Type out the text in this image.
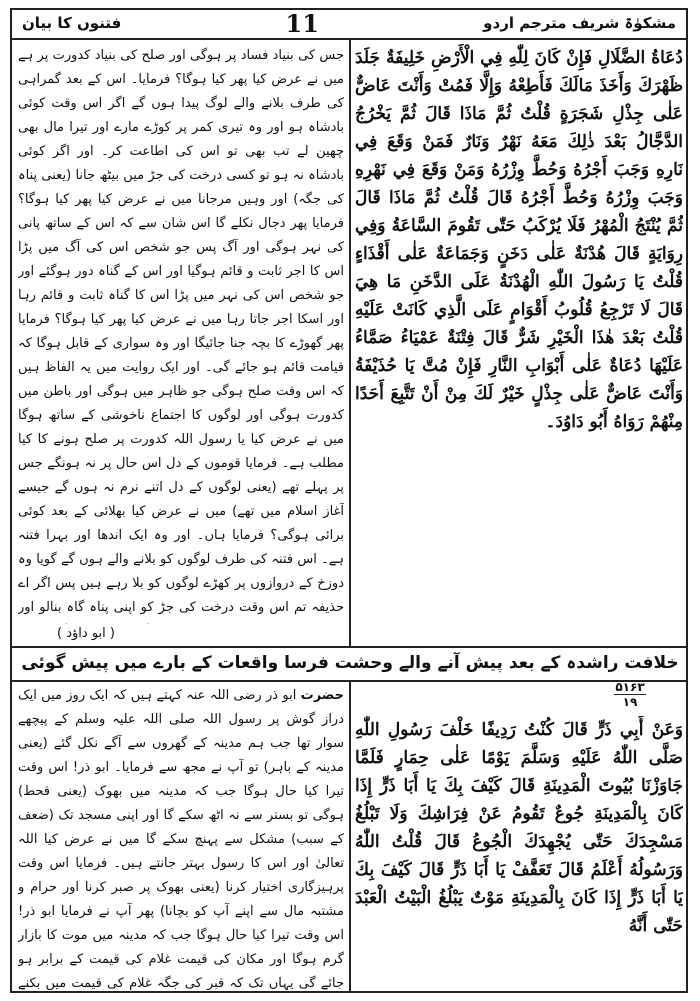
مشکوٰۃ شریف مترجم اردو
11
فتنوں کا بیان
دُعَاةُ الضَّلَالِ فَإِنْ كَانَ لِلّٰهِ فِي الْأَرْضِ خَلِيفَةٌ جَلَدَ ظَهْرَكَ وَأَخَذَ مَالَكَ فَأَطِعْهُ وَإِلَّا فَمُتْ وَأَنْتَ عَاضٌّ عَلٰى جِذْلِ شَجَرَةٍ قُلْتُ ثُمَّ مَاذَا قَالَ ثُمَّ يَخْرُجُ الدَّجَّالُ بَعْدَ ذٰلِكَ مَعَهُ نَهْرٌ وَنَارٌ فَمَنْ وَقَعَ فِي نَارِهِ وَجَبَ أَجْرُهُ وَحُطَّ وِزْرُهُ وَمَنْ وَقَعَ فِي نَهْرِهِ وَجَبَ وِزْرُهُ وَحُطَّ أَجْرُهُ قَالَ قُلْتُ ثُمَّ مَاذَا قَالَ ثُمَّ يُنْتَجُ الْمُهْرُ فَلَا يُرْكَبُ حَتّٰى تَقُومَ السَّاعَةُ وَفِي رِوَايَةٍ قَالَ هُدْنَةٌ عَلٰى دَخَنٍ وَجَمَاعَةٌ عَلٰى أَقْذَاءٍ قُلْتُ يَا رَسُولَ اللّٰهِ الْهُدْنَةُ عَلَى الدَّخَنِ مَا هِيَ قَالَ لَا تَرْجِعُ قُلُوبُ أَقْوَامٍ عَلَى الَّذِي كَانَتْ عَلَيْهِ قُلْتُ بَعْدَ هٰذَا الْخَيْرِ شَرٌّ قَالَ فِتْنَةٌ عَمْيَاءُ صَمَّاءُ عَلَيْهَا دُعَاةٌ عَلٰى أَبْوَابِ النَّارِ فَإِنْ مُتَّ يَا حُذَيْفَةُ وَأَنْتَ عَاضٌّ عَلٰى جِذْلٍ خَيْرٌ لَكَ مِنْ أَنْ تَتَّبِعَ أَحَدًا مِنْهُمْ رَوَاهُ أَبُو دَاوُدَ۔
جس کی بنیاد فساد پر ہوگی اور صلح کی بنیاد کدورت پر ہے میں نے عرض کیا پھر کیا ہوگا؟ فرمایا۔ اس کے بعد گمراہی کی طرف بلانے والے لوگ پیدا ہوں گے اگر اس وقت کوئی بادشاہ ہو اور وہ تیری کمر پر کوڑے مارے اور تیرا مال بھی چھین لے تب بھی تو اس کی اطاعت کر۔ اور اگر کوئی بادشاہ نہ ہو تو کسی درخت کی جڑ میں بیٹھ جانا (یعنی پناہ کی جگہ) اور وہیں مرجانا میں نے عرض کیا پھر کیا ہوگا؟ فرمایا پھر دجال نکلے گا اس شان سے کہ اس کے ساتھ پانی کی نہر ہوگی اور آگ پس جو شخص اس کی آگ میں پڑا اس کا اجر ثابت و قائم ہوگیا اور اس کے گناہ دور ہوگئے اور جو شخص اس کی نہر میں پڑا اس کا گناہ ثابت و قائم رہا اور اسکا اجر جاتا رہا میں نے عرض کیا پھر کیا ہوگا؟ فرمایا پھر گھوڑے کا بچہ جنا جائیگا اور وہ سواری کے قابل ہوگا کہ قیامت قائم ہو جائے گی۔ اور ایک روایت میں یہ الفاظ ہیں کہ اس وقت صلح ہوگی جو ظاہر میں ہوگی اور باطن میں کدورت ہوگی اور لوگوں کا اجتماع ناخوشی کے ساتھ ہوگا میں نے عرض کیا یا رسول اللہ کدورت پر صلح ہونے کا کیا مطلب ہے۔ فرمایا قوموں کے دل اس حال پر نہ ہونگے جس پر پہلے تھے (یعنی لوگوں کے دل اتنے نرم نہ ہوں گے جیسے آغاز اسلام میں تھے) میں نے عرض کیا بھلائی کے بعد کوئی برائی ہوگی؟ فرمایا ہاں۔ اور وہ ایک اندھا اور بہرا فتنہ ہے۔ اس فتنہ کی طرف لوگوں کو بلانے والے ہوں گے گویا وہ دوزخ کے دروازوں پر کھڑے لوگوں کو بلا رہے ہیں پس اگر اے حذیفہ تم اس وقت درخت کی جڑ کو اپنی پناہ گاہ بنالو اور
( ابو داؤد )
خلافت راشدہ کے بعد پیش آنے والے وحشت فرسا واقعات کے بارے میں پیش گوئی
۵۱۶۳
۱۹
وَعَنْ أَبِي ذَرٍّ قَالَ كُنْتُ رَدِيفًا خَلْفَ رَسُولِ اللّٰهِ صَلَّى اللّٰهُ عَلَيْهِ وَسَلَّمَ يَوْمًا عَلٰى حِمَارٍ فَلَمَّا جَاوَزْنَا بُيُوتَ الْمَدِينَةِ قَالَ كَيْفَ بِكَ يَا أَبَا ذَرٍّ إِذَا كَانَ بِالْمَدِينَةِ جُوعٌ تَقُومُ عَنْ فِرَاشِكَ وَلَا تَبْلُغُ مَسْجِدَكَ حَتّٰى يُجْهِدَكَ الْجُوعُ قَالَ قُلْتُ اللّٰهُ وَرَسُولُهُ أَعْلَمُ قَالَ تَعَفَّفْ يَا أَبَا ذَرٍّ قَالَ كَيْفَ بِكَ يَا أَبَا ذَرٍّ إِذَا كَانَ بِالْمَدِينَةِ مَوْتٌ يَبْلُغُ الْبَيْتُ الْعَبْدَ حَتّٰى أَنَّهُ
حضرت ابو ذر رضی اللہ عنہ کہتے ہیں کہ ایک روز میں ایک دراز گوش پر رسول اللہ صلی اللہ علیہ وسلم کے پیچھے سوار تھا جب ہم مدینہ کے گھروں سے آگے نکل گئے (یعنی مدینہ کے باہر) تو آپ نے مجھ سے فرمایا۔ ابو ذر! اس وقت تیرا کیا حال ہوگا جب کہ مدینہ میں بھوک (یعنی قحط) ہوگی تو بستر سے نہ اٹھ سکے گا اور اپنی مسجد تک (ضعف کے سبب) مشکل سے پہنچ سکے گا میں نے عرض کیا اللہ تعالیٰ اور اس کا رسول بہتر جانتے ہیں۔ فرمایا اس وقت پرہیزگاری اختیار کرنا (یعنی بھوک پر صبر کرنا اور حرام و مشتبہ مال سے اپنے آپ کو بچانا) پھر آپ نے فرمایا ابو ذر! اس وقت تیرا کیا حال ہوگا جب کہ مدینہ میں موت کا بازار گرم ہوگا اور مکان کی قیمت غلام کی قیمت کے برابر ہو جائے گی یہاں تک کہ قبر کی جگہ غلام کی قیمت میں بکنے
